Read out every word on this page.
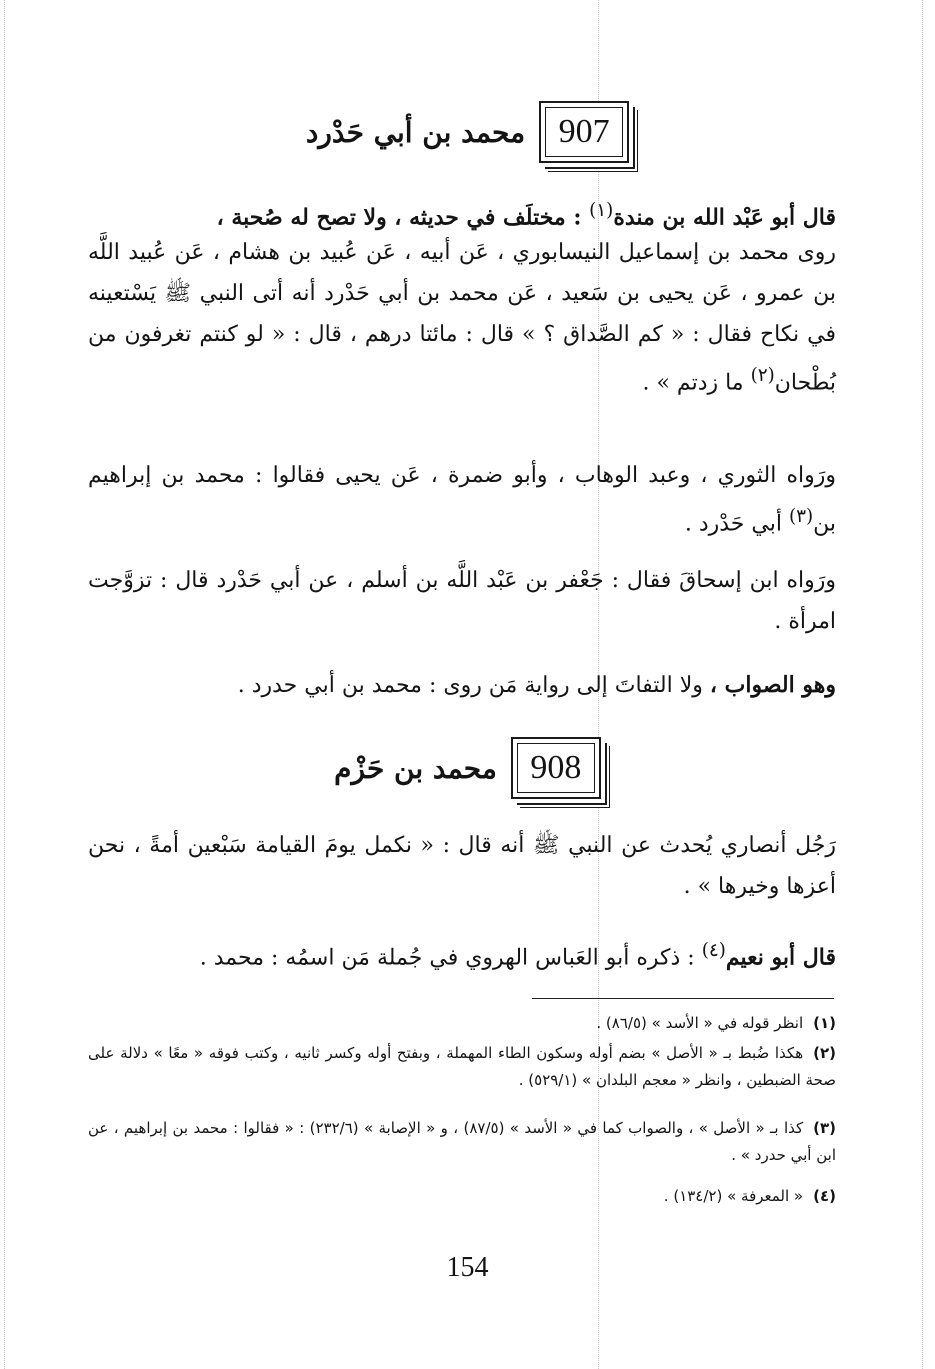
محمد بن أبي حَدْرد 907
قال أبو عَبْد الله بن مندة$^{(١)}$ : مختلَف في حديثه ، ولا تصح له صُحبة ،
روى محمد بن إسماعيل النيسابوري ، عَن أبيه ، عَن عُبيد بن هشام ، عَن عُبيد اللَّه بن عمرو ، عَن يحيى بن سَعيد ، عَن محمد بن أبي حَدْرد أنه أتى النبي ﷺ يَسْتعينه في نكاح فقال : « كم الصَّداق ؟ » قال : مائتا درهم ، قال : « لو كنتم تغرفون من بُطْحان$^{(٢)}$ ما زدتم » .
ورَواه الثوري ، وعبد الوهاب ، وأبو ضمرة ، عَن يحيى فقالوا : محمد بن إبراهيم بن$^{(٣)}$ أبي حَدْرد .
ورَواه ابن إسحاقَ فقال : جَعْفر بن عَبْد اللَّه بن أسلم ، عن أبي حَدْرد قال : تزوَّجت امرأة .
وهو الصواب ، ولا التفاتَ إلى رواية مَن روى : محمد بن أبي حدرد .
محمد بن حَزْم 908
رَجُل أنصاري يُحدث عن النبي ﷺ أنه قال : « نكمل يومَ القيامة سَبْعين أمةً ، نحن أعزها وخيرها » .
قال أبو نعيم$^{(٤)}$ : ذكره أبو العَباس الهروي في جُملة مَن اسمُه : محمد .
(١)انظر قوله في « الأسد » (٨٦/٥) .
(٢)هكذا ضُبط بـ « الأصل » بضم أوله وسكون الطاء المهملة ، وبفتح أوله وكسر ثانيه ، وكتب فوقه « معًا » دلالة على صحة الضبطين ، وانظر « معجم البلدان » (٥٢٩/١) .
(٣)كذا بـ « الأصل » ، والصواب كما في « الأسد » (٨٧/٥) ، و « الإصابة » (٢٣٢/٦) : « فقالوا : محمد بن إبراهيم ، عن ابن أبي حدرد » .
(٤)« المعرفة » (١٣٤/٢) .
154
